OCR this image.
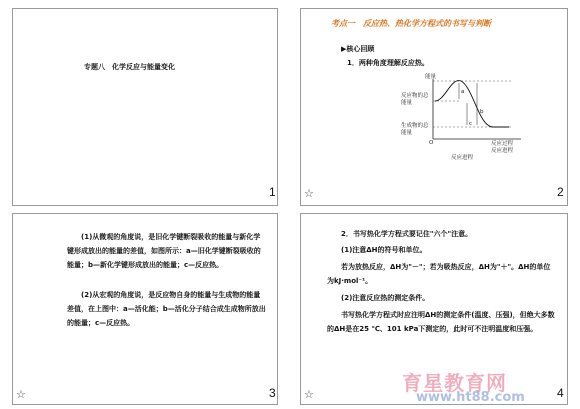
专题八　化学反应与能量变化
1
考点一　反应热、热化学方程式的书写与判断
▶核心回顾
1．两种角度理解反应热。
能量
反应物的总能量
生成物的总能量
O	反应过程
反应进程
a
b
c
反应进程
☆	2
(1)从微观的角度说，是旧化学键断裂吸收的能量与新化学键形成放出的能量的差值，如图所示：a—旧化学键断裂吸收的能量；b—新化学键形成放出的能量；c—反应热。
(2)从宏观的角度说，是反应物自身的能量与生成物的能量差值，在上图中：a—活化能；b—活化分子结合成生成物所放出的能量；c—反应热。
☆	3
2．书写热化学方程式要记住"六个"注意。
(1)注意ΔH的符号和单位。
若为放热反应，ΔH为"－"；若为吸热反应，ΔH为"＋"。ΔH的单位为kJ·mol⁻¹。
(2)注意反应热的测定条件。
书写热化学方程式时应注明ΔH的测定条件(温度、压强)，但绝大多数的ΔH是在25 ℃、101 kPa下测定的，此时可不注明温度和压强。
☆	4
育星教育网
www.ht88.com
